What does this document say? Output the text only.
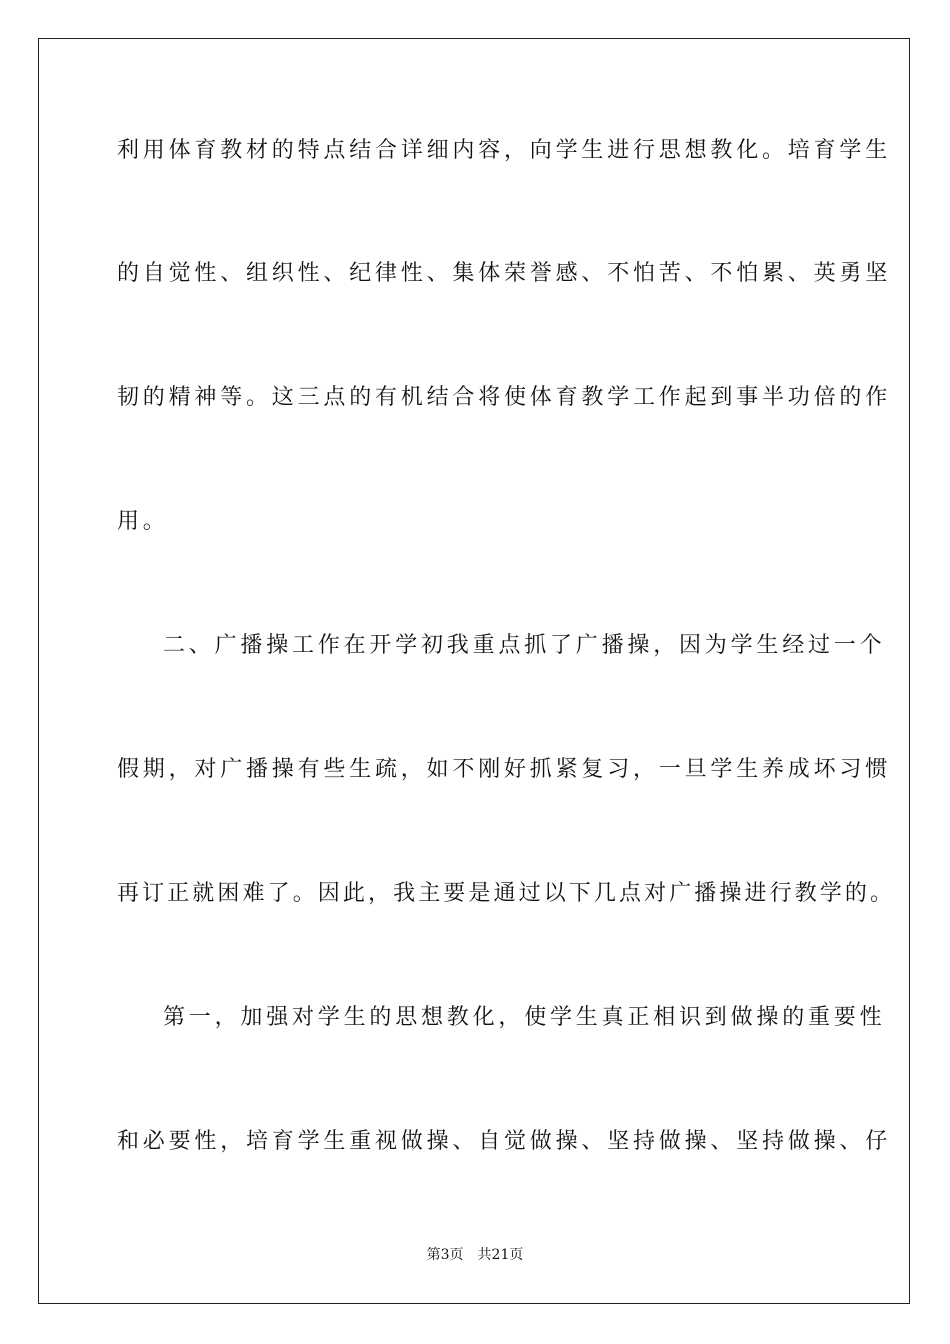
利用体育教材的特点结合详细内容，向学生进行思想教化。培育学生
的自觉性、组织性、纪律性、集体荣誉感、不怕苦、不怕累、英勇坚
韧的精神等。这三点的有机结合将使体育教学工作起到事半功倍的作
用。
二、广播操工作在开学初我重点抓了广播操，因为学生经过一个
假期，对广播操有些生疏，如不刚好抓紧复习，一旦学生养成坏习惯
再订正就困难了。因此，我主要是通过以下几点对广播操进行教学的。
第一，加强对学生的思想教化，使学生真正相识到做操的重要性
和必要性，培育学生重视做操、自觉做操、坚持做操、坚持做操、仔
第3页 共21页
